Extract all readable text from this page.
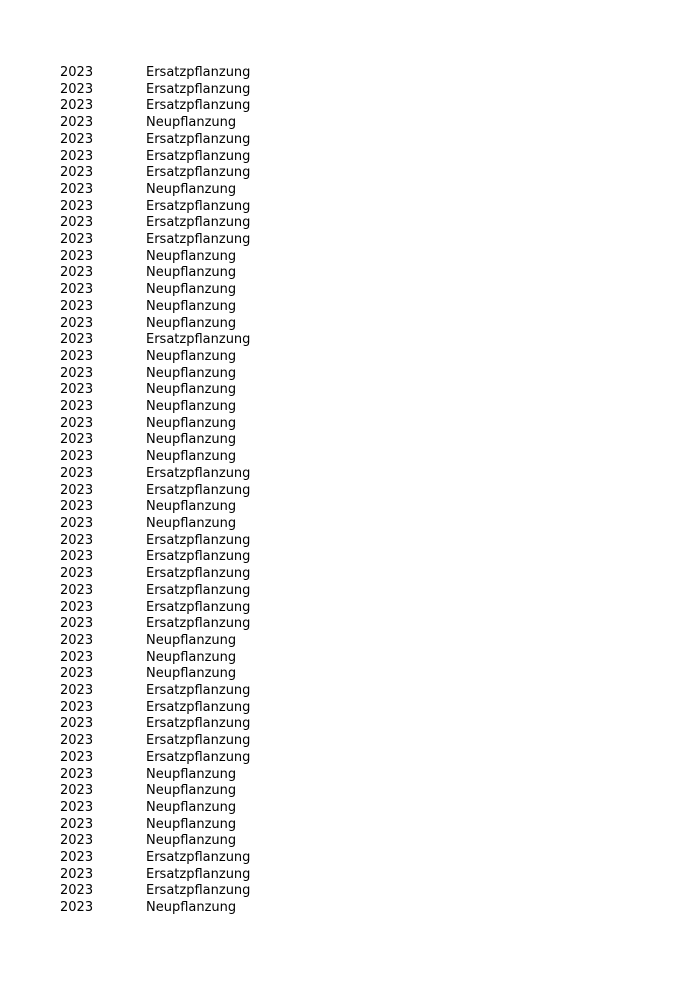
2023	Ersatzpflanzung
2023	Ersatzpflanzung
2023	Ersatzpflanzung
2023	Neupflanzung
2023	Ersatzpflanzung
2023	Ersatzpflanzung
2023	Ersatzpflanzung
2023	Neupflanzung
2023	Ersatzpflanzung
2023	Ersatzpflanzung
2023	Ersatzpflanzung
2023	Neupflanzung
2023	Neupflanzung
2023	Neupflanzung
2023	Neupflanzung
2023	Neupflanzung
2023	Ersatzpflanzung
2023	Neupflanzung
2023	Neupflanzung
2023	Neupflanzung
2023	Neupflanzung
2023	Neupflanzung
2023	Neupflanzung
2023	Neupflanzung
2023	Ersatzpflanzung
2023	Ersatzpflanzung
2023	Neupflanzung
2023	Neupflanzung
2023	Ersatzpflanzung
2023	Ersatzpflanzung
2023	Ersatzpflanzung
2023	Ersatzpflanzung
2023	Ersatzpflanzung
2023	Ersatzpflanzung
2023	Neupflanzung
2023	Neupflanzung
2023	Neupflanzung
2023	Ersatzpflanzung
2023	Ersatzpflanzung
2023	Ersatzpflanzung
2023	Ersatzpflanzung
2023	Ersatzpflanzung
2023	Neupflanzung
2023	Neupflanzung
2023	Neupflanzung
2023	Neupflanzung
2023	Neupflanzung
2023	Ersatzpflanzung
2023	Ersatzpflanzung
2023	Ersatzpflanzung
2023	Neupflanzung
